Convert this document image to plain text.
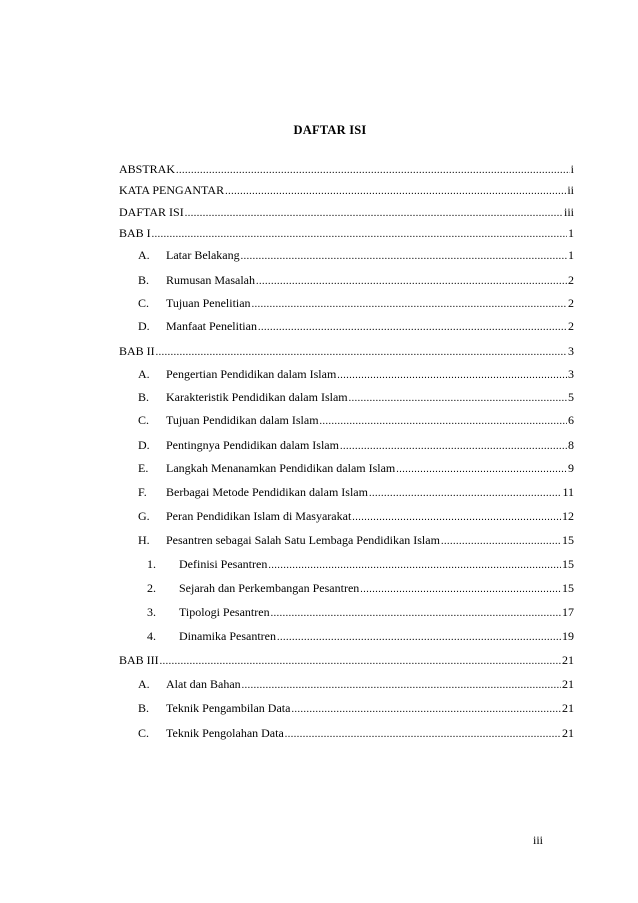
DAFTAR ISI
ABSTRAK .....	i
KATA PENGANTAR .....	ii
DAFTAR ISI .....	iii
BAB I .....	1
A.	Latar Belakang .....	1
B.	Rumusan Masalah .....	2
C.	Tujuan Penelitian .....	2
D.	Manfaat Penelitian .....	2
BAB II .....	3
A.	Pengertian Pendidikan dalam Islam .....	3
B.	Karakteristik Pendidikan dalam Islam .....	5
C.	Tujuan Pendidikan dalam Islam .....	6
D.	Pentingnya Pendidikan dalam Islam .....	8
E.	Langkah Menanamkan Pendidikan dalam Islam .....	9
F.	Berbagai Metode Pendidikan dalam Islam .....	11
G.	Peran Pendidikan Islam di Masyarakat .....	12
H.	Pesantren sebagai Salah Satu Lembaga Pendidikan Islam .....	15
1.	Definisi Pesantren .....	15
2.	Sejarah dan Perkembangan Pesantren .....	15
3.	Tipologi Pesantren .....	17
4.	Dinamika Pesantren .....	19
BAB III .....	21
A.	Alat dan Bahan .....	21
B.	Teknik Pengambilan Data .....	21
C.	Teknik Pengolahan Data .....	21
iii
